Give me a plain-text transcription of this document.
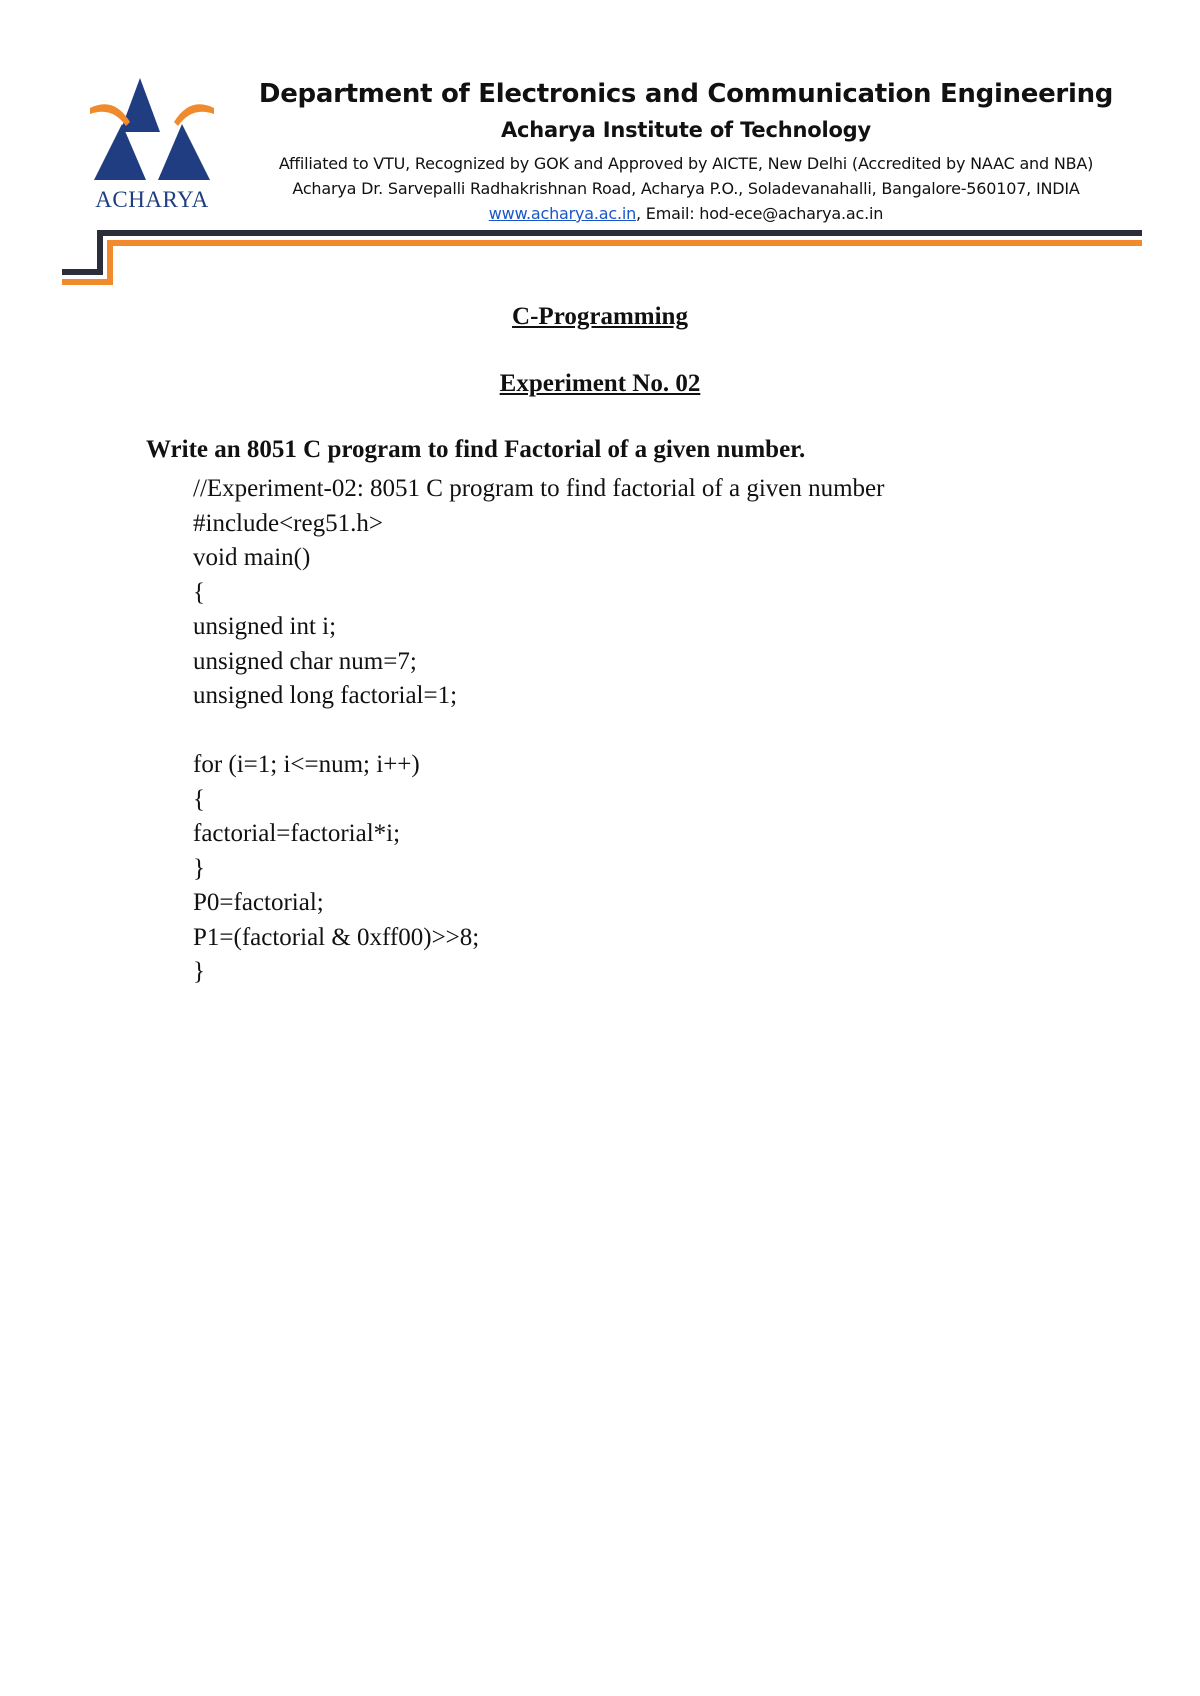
ACHARYA
Department of Electronics and Communication Engineering
Acharya Institute of Technology
Affiliated to VTU, Recognized by GOK and Approved by AICTE, New Delhi (Accredited by NAAC and NBA)
Acharya Dr. Sarvepalli Radhakrishnan Road, Acharya P.O., Soladevanahalli, Bangalore-560107, INDIA
www.acharya.ac.in, Email: hod-ece@acharya.ac.in
C-Programming
Experiment No. 02
Write an 8051 C program to find Factorial of a given number.
//Experiment-02: 8051 C program to find factorial of a given number
#include<reg51.h>
void main()
{
unsigned int i;
unsigned char num=7;
unsigned long factorial=1;
for (i=1; i<=num; i++)
{
factorial=factorial*i;
}
P0=factorial;
P1=(factorial & 0xff00)>>8;
}
